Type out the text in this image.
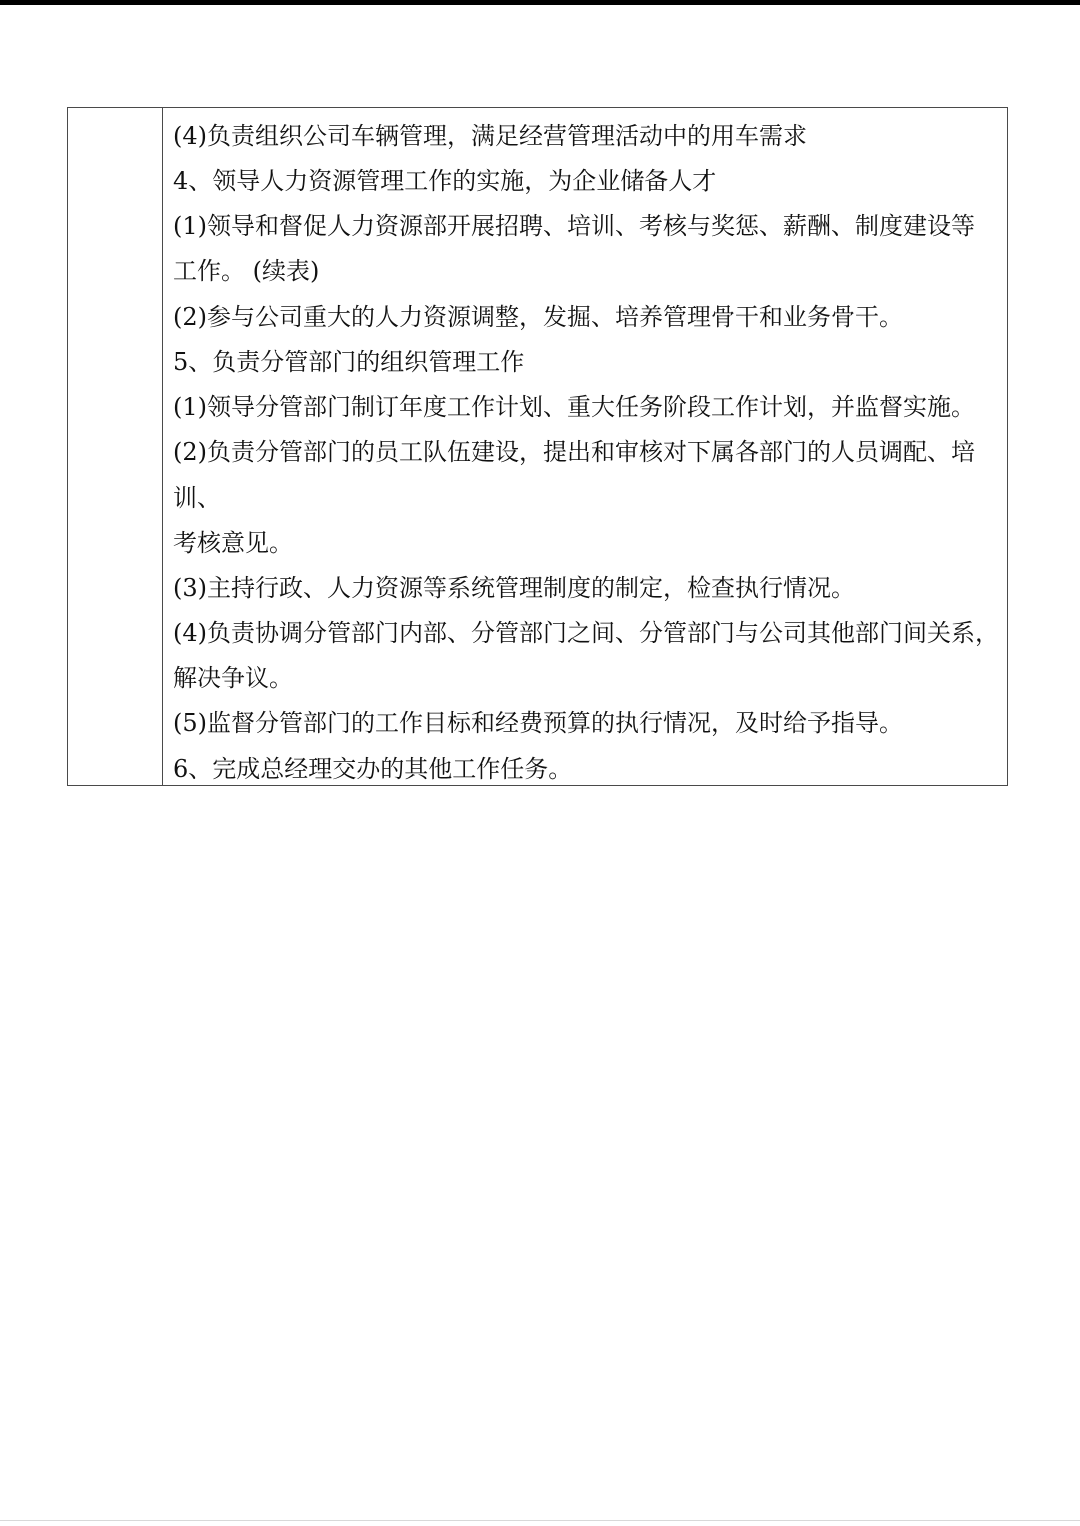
(4)负责组织公司车辆管理，满足经营管理活动中的用车需求
4、领导人力资源管理工作的实施，为企业储备人才
(1)领导和督促人力资源部开展招聘、培训、考核与奖惩、薪酬、制度建设等
工作。 (续表)
(2)参与公司重大的人力资源调整，发掘、培养管理骨干和业务骨干。
5、负责分管部门的组织管理工作
(1)领导分管部门制订年度工作计划、重大任务阶段工作计划，并监督实施。
(2)负责分管部门的员工队伍建设，提出和审核对下属各部门的人员调配、培
训、
考核意见。
(3)主持行政、人力资源等系统管理制度的制定，检查执行情况。
(4)负责协调分管部门内部、分管部门之间、分管部门与公司其他部门间关系，
解决争议。
(5)监督分管部门的工作目标和经费预算的执行情况，及时给予指导。
6、完成总经理交办的其他工作任务。
